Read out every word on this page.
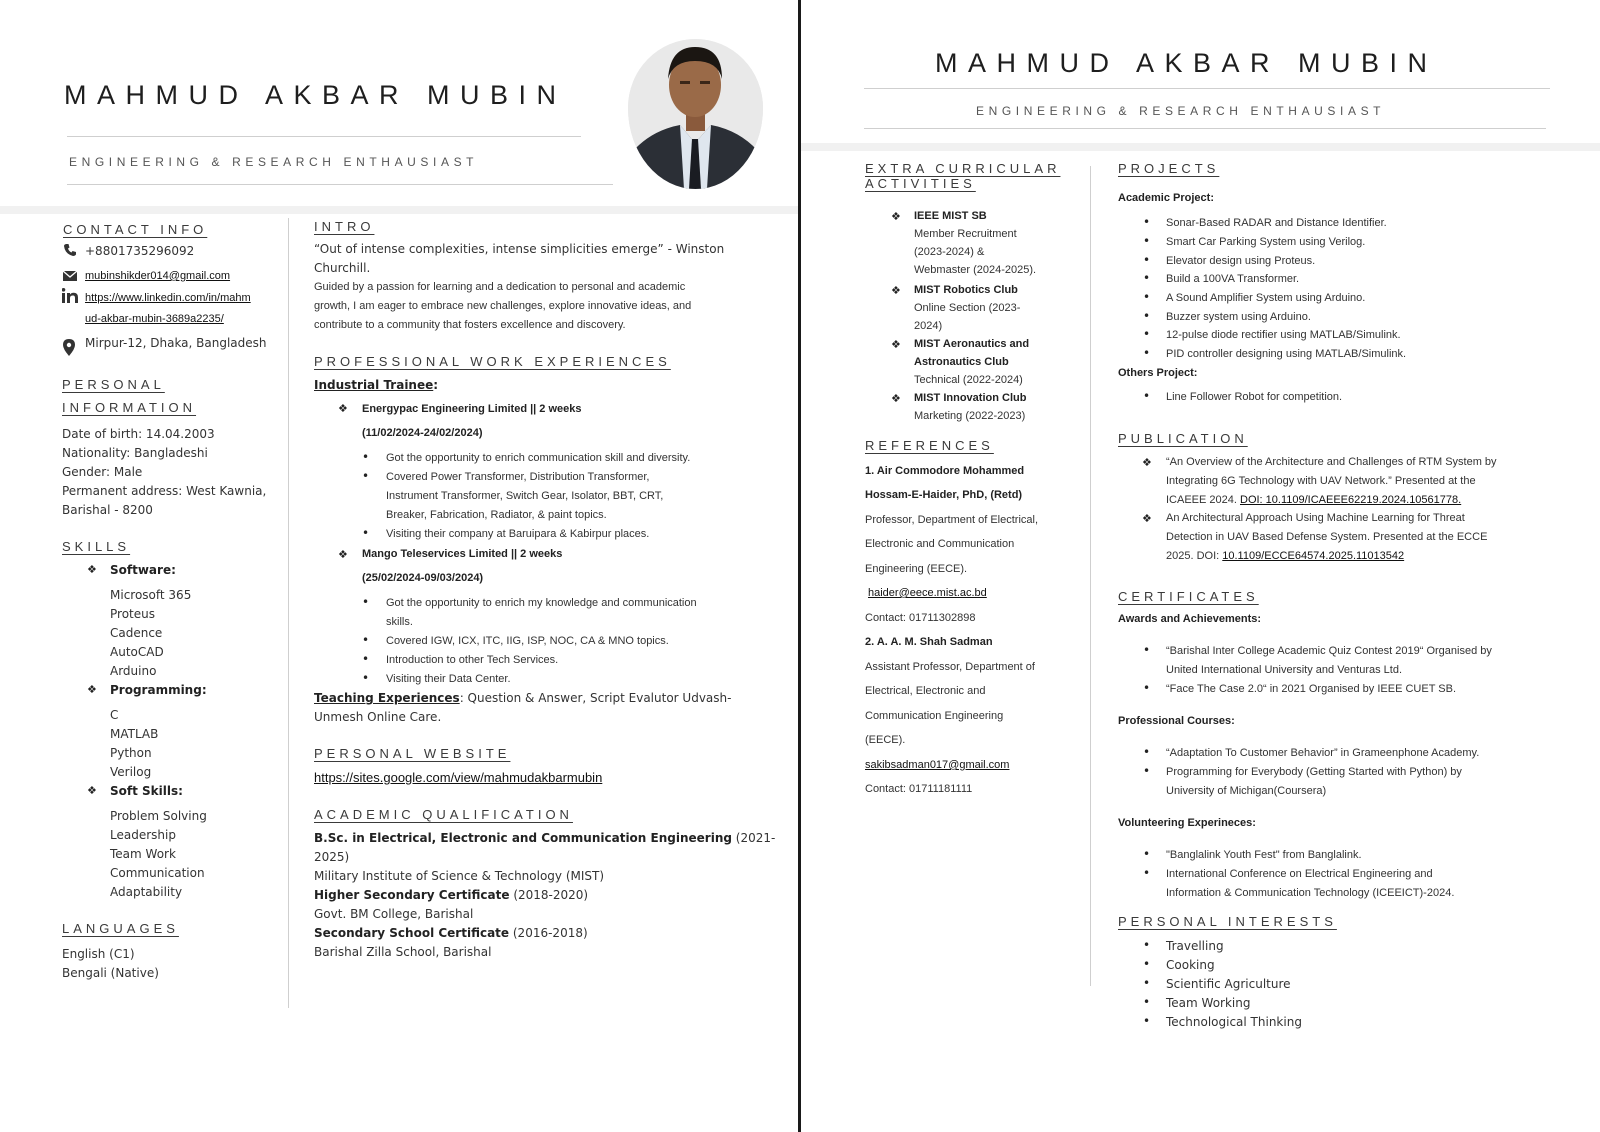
MAHMUD AKBAR MUBIN
ENGINEERING & RESEARCH ENTHAUSIAST
CONTACT INFO
+8801735296092
mubinshikder014@gmail.com
https://www.linkedin.com/in/mahm
ud-akbar-mubin-3689a2235/
Mirpur-12, Dhaka, Bangladesh
PERSONAL
INFORMATION
Date of birth: 14.04.2003
Nationality: Bangladeshi
Gender: Male
Permanent address: West Kawnia,
Barishal - 8200
SKILLS
❖ Software:
Microsoft 365
Proteus
Cadence
AutoCAD
Arduino
❖ Programming:
C
MATLAB
Python
Verilog
❖ Soft Skills:
Problem Solving
Leadership
Team Work
Communication
Adaptability
LANGUAGES
English (C1)
Bengali (Native)
INTRO
“Out of intense complexities, intense simplicities emerge” - Winston
Churchill.
Guided by a passion for learning and a dedication to personal and academic
growth, I am eager to embrace new challenges, explore innovative ideas, and
contribute to a community that fosters excellence and discovery.
PROFESSIONAL WORK EXPERIENCES
Industrial Trainee:
❖ Energypac Engineering Limited || 2 weeks
(11/02/2024-24/02/2024)
• Got the opportunity to enrich communication skill and diversity.
• Covered Power Transformer, Distribution Transformer,
Instrument Transformer, Switch Gear, Isolator, BBT, CRT,
Breaker, Fabrication, Radiator, & paint topics.
• Visiting their company at Baruipara & Kabirpur places.
❖ Mango Teleservices Limited || 2 weeks
(25/02/2024-09/03/2024)
• Got the opportunity to enrich my knowledge and communication
skills.
• Covered IGW, ICX, ITC, IIG, ISP, NOC, CA & MNO topics.
• Introduction to other Tech Services.
• Visiting their Data Center.
Teaching Experiences: Question & Answer, Script Evalutor Udvash-
Unmesh Online Care.
PERSONAL WEBSITE
https://sites.google.com/view/mahmudakbarmubin
ACADEMIC QUALIFICATION
B.Sc. in Electrical, Electronic and Communication Engineering (2021-
2025)
Military Institute of Science & Technology (MIST)
Higher Secondary Certificate (2018-2020)
Govt. BM College, Barishal
Secondary School Certificate (2016-2018)
Barishal Zilla School, Barishal
MAHMUD AKBAR MUBIN
ENGINEERING & RESEARCH ENTHAUSIAST
EXTRA CURRICULAR
ACTIVITIES
❖ IEEE MIST SB
Member Recruitment
(2023-2024) &
Webmaster (2024-2025).
❖ MIST Robotics Club
Online Section (2023-
2024)
❖ MIST Aeronautics and
Astronautics Club
Technical (2022-2024)
❖ MIST Innovation Club
Marketing (2022-2023)
REFERENCES
1. Air Commodore Mohammed
Hossam-E-Haider, PhD, (Retd)
Professor, Department of Electrical,
Electronic and Communication
Engineering (EECE).
haider@eece.mist.ac.bd
Contact: 01711302898
2. A. A. M. Shah Sadman
Assistant Professor, Department of
Electrical, Electronic and
Communication Engineering
(EECE).
sakibsadman017@gmail.com
Contact: 01711181111
PROJECTS
Academic Project:
• Sonar-Based RADAR and Distance Identifier.
• Smart Car Parking System using Verilog.
• Elevator design using Proteus.
• Build a 100VA Transformer.
• A Sound Amplifier System using Arduino.
• Buzzer system using Arduino.
• 12-pulse diode rectifier using MATLAB/Simulink.
• PID controller designing using MATLAB/Simulink.
Others Project:
• Line Follower Robot for competition.
PUBLICATION
❖ “An Overview of the Architecture and Challenges of RTM System by
Integrating 6G Technology with UAV Network.” Presented at the
ICAEEE 2024. DOI: 10.1109/ICAEEE62219.2024.10561778.
❖ An Architectural Approach Using Machine Learning for Threat
Detection in UAV Based Defense System. Presented at the ECCE
2025. DOI: 10.1109/ECCE64574.2025.11013542
CERTIFICATES
Awards and Achievements:
• “Barishal Inter College Academic Quiz Contest 2019“ Organised by
United International University and Venturas Ltd.
• “Face The Case 2.0“ in 2021 Organised by IEEE CUET SB.
Professional Courses:
• “Adaptation To Customer Behavior” in Grameenphone Academy.
• Programming for Everybody (Getting Started with Python) by
University of Michigan(Coursera)
Volunteering Experineces:
• "Banglalink Youth Fest" from Banglalink.
• International Conference on Electrical Engineering and
Information & Communication Technology (ICEEICT)-2024.
PERSONAL INTERESTS
• Travelling
• Cooking
• Scientific Agriculture
• Team Working
• Technological Thinking
